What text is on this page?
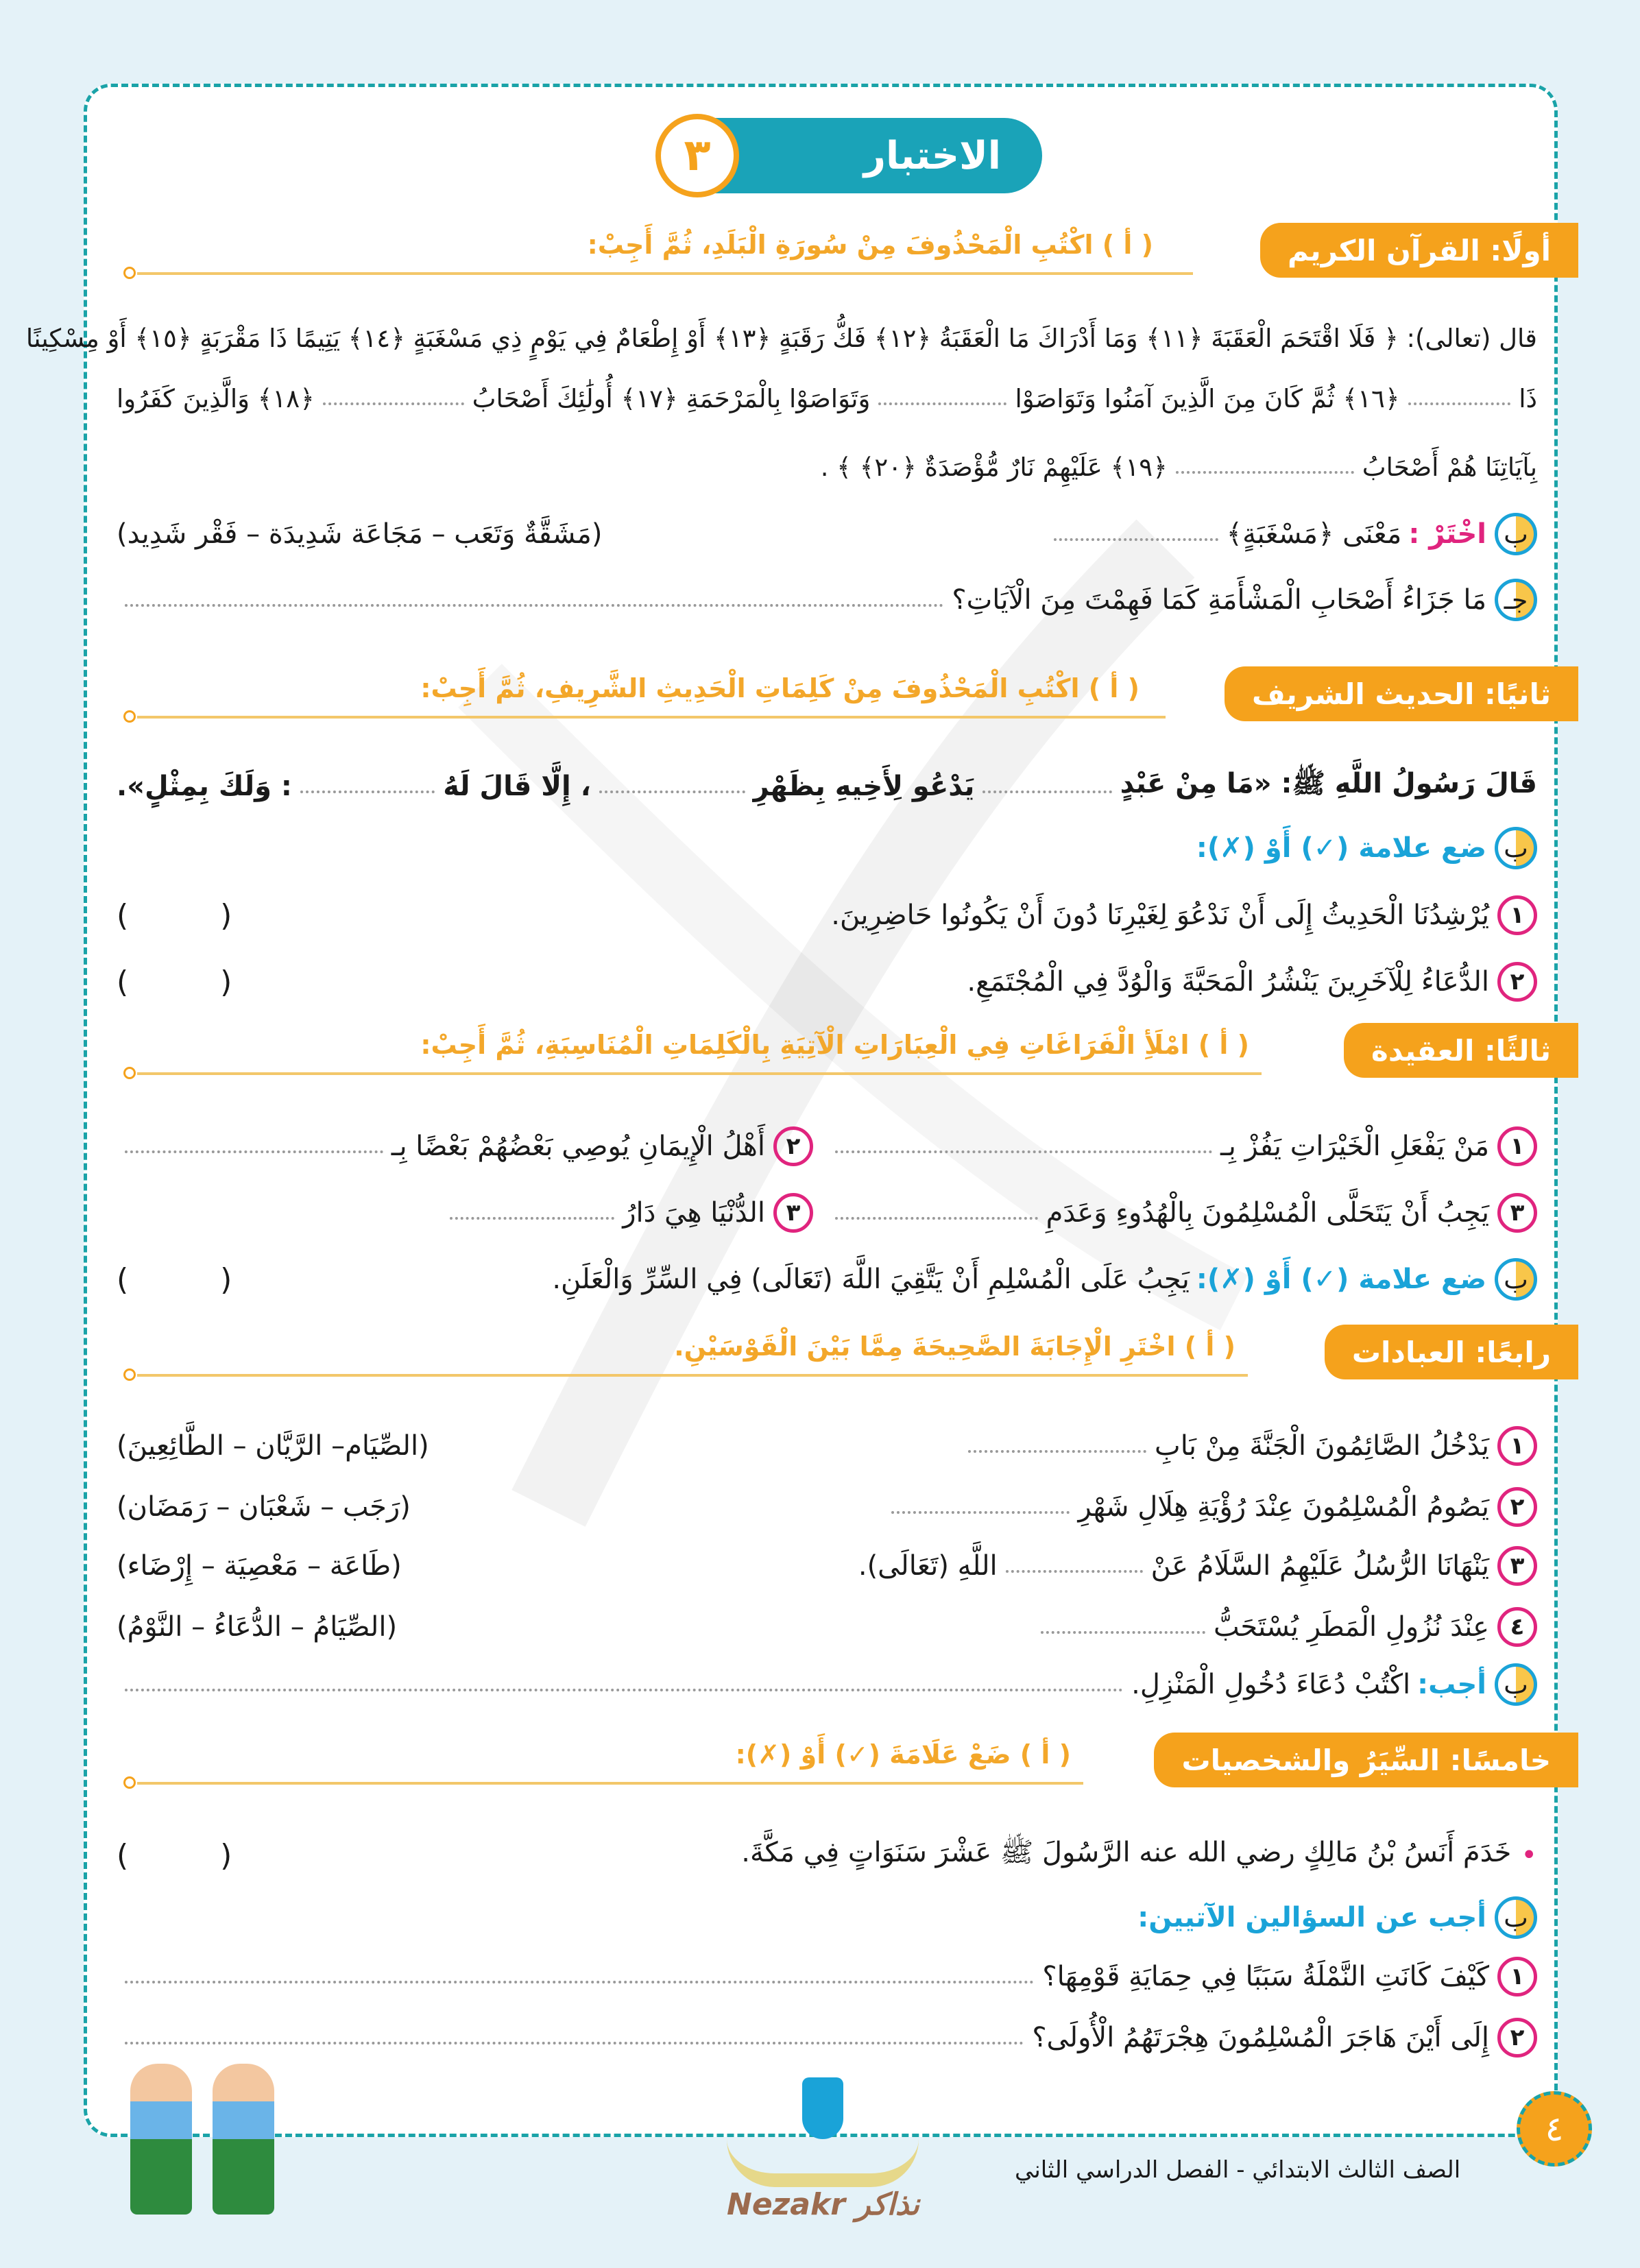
٣	الاختبار
أولًا: القرآن الكريم
( أ ) اكْتُبِ الْمَحْذُوفَ مِنْ سُورَةِ الْبَلَدِ، ثُمَّ أَجِبْ:
قال (تعالى): ﴿ فَلَا اقْتَحَمَ الْعَقَبَةَ ﴿١١﴾ وَمَا أَدْرَاكَ مَا الْعَقَبَةُ ﴿١٢﴾ فَكُّ رَقَبَةٍ ﴿١٣﴾ أَوْ إِطْعَامٌ فِي يَوْمٍ ذِي مَسْغَبَةٍ ﴿١٤﴾ يَتِيمًا ذَا مَقْرَبَةٍ ﴿١٥﴾ أَوْ مِسْكِينًا
ذَا
﴿١٦﴾ ثُمَّ كَانَ مِنَ الَّذِينَ آمَنُوا وَتَوَاصَوْا
وَتَوَاصَوْا بِالْمَرْحَمَةِ ﴿١٧﴾ أُولَٰئِكَ أَصْحَابُ
﴿١٨﴾ وَالَّذِينَ كَفَرُوا
بِآيَاتِنَا هُمْ أَصْحَابُ
﴿١٩﴾ عَلَيْهِمْ نَارٌ مُّؤْصَدَةٌ ﴿٢٠﴾ ﴾ .
ب
اخْتَرْ :
مَعْنَى ﴿مَسْغَبَةٍ﴾
(مَشَقَّةٌ وَتَعَب – مَجَاعَة شَدِيدَة – فَقْر شَدِيد)
جـ
مَا جَزَاءُ أَصْحَابِ الْمَشْأَمَةِ كَمَا فَهِمْتَ مِنَ الْآيَاتِ؟
ثانيًا: الحديث الشريف
( أ ) اكْتُبِ الْمَحْذُوفَ مِنْ كَلِمَاتِ الْحَدِيثِ الشَّرِيفِ، ثُمَّ أَجِبْ:
قَالَ رَسُولُ اللَّهِ ﷺ: «مَا مِنْ عَبْدٍ
يَدْعُو لِأَخِيهِ بِظَهْرِ
، إِلَّا قَالَ لَهُ
: وَلَكَ بِمِثْلٍ».
ب
ضع علامة (✓) أَوْ (✗):
١
يُرْشِدُنَا الْحَدِيثُ إِلَى أَنْ نَدْعُوَ لِغَيْرِنَا دُونَ أَنْ يَكُونُوا حَاضِرِينَ.
( )
٢
الدُّعَاءُ لِلْآخَرِينَ يَنْشُرُ الْمَحَبَّةَ وَالْوُدَّ فِي الْمُجْتَمَعِ.
( )
ثالثًا: العقيدة
( أ ) امْلَأِ الْفَرَاغَاتِ فِي الْعِبَارَاتِ الْآتِيَةِ بِالْكَلِمَاتِ الْمُنَاسِبَةِ، ثُمَّ أَجِبْ:
١
مَنْ يَفْعَلِ الْخَيْرَاتِ يَفُزْ بِـ
٢
أَهْلُ الْإِيمَانِ يُوصِي بَعْضُهُمْ بَعْضًا بِـ
٣
يَجِبُ أَنْ يَتَحَلَّى الْمُسْلِمُونَ بِالْهُدُوءِ وَعَدَمِ
٣
الدُّنْيَا هِيَ دَارُ
ب
ضع علامة (✓) أَوْ (✗):
يَجِبُ عَلَى الْمُسْلِمِ أَنْ يَتَّقِيَ اللَّهَ (تَعَالَى) فِي السِّرِّ وَالْعَلَنِ.
( )
رابعًا: العبادات
( أ ) اخْتَرِ الْإِجَابَةَ الصَّحِيحَةَ مِمَّا بَيْنَ الْقَوْسَيْنِ.
١
يَدْخُلُ الصَّائِمُونَ الْجَنَّةَ مِنْ بَابِ
(الصِّيَام– الرَّيَّان – الطَّائِعِينَ)
٢
يَصُومُ الْمُسْلِمُونَ عِنْدَ رُؤْيَةِ هِلَالِ شَهْرِ
(رَجَب – شَعْبَان – رَمَضَان)
٣
يَنْهَانَا الرُّسُلُ عَلَيْهِمُ السَّلَامُ عَنْ
اللَّهِ (تَعَالَى).
(طَاعَة – مَعْصِيَة – إِرْضَاء)
٤
عِنْدَ نُزُولِ الْمَطَرِ يُسْتَحَبُّ
(الصِّيَامُ – الدُّعَاءُ – النَّوْمُ)
ب
أجب:
اكْتُبْ دُعَاءَ دُخُولِ الْمَنْزِلِ.
خامسًا: السِّيَرُ والشخصيات
( أ ) ضَعْ عَلَامَةَ (✓) أَوْ (✗):
•
خَدَمَ أَنَسُ بْنُ مَالِكٍ رضي الله عنه الرَّسُولَ ﷺ عَشْرَ سَنَوَاتٍ فِي مَكَّةَ.
( )
ب
أجب عن السؤالين الآتيين:
١
كَيْفَ كَانَتِ النَّمْلَةُ سَبَبًا فِي حِمَايَةِ قَوْمِهَا؟
٢
إِلَى أَيْنَ هَاجَرَ الْمُسْلِمُونَ هِجْرَتَهُمُ الْأُولَى؟
Nezakr نذاكر
الصف الثالث الابتدائي - الفصل الدراسي الثاني
٤
